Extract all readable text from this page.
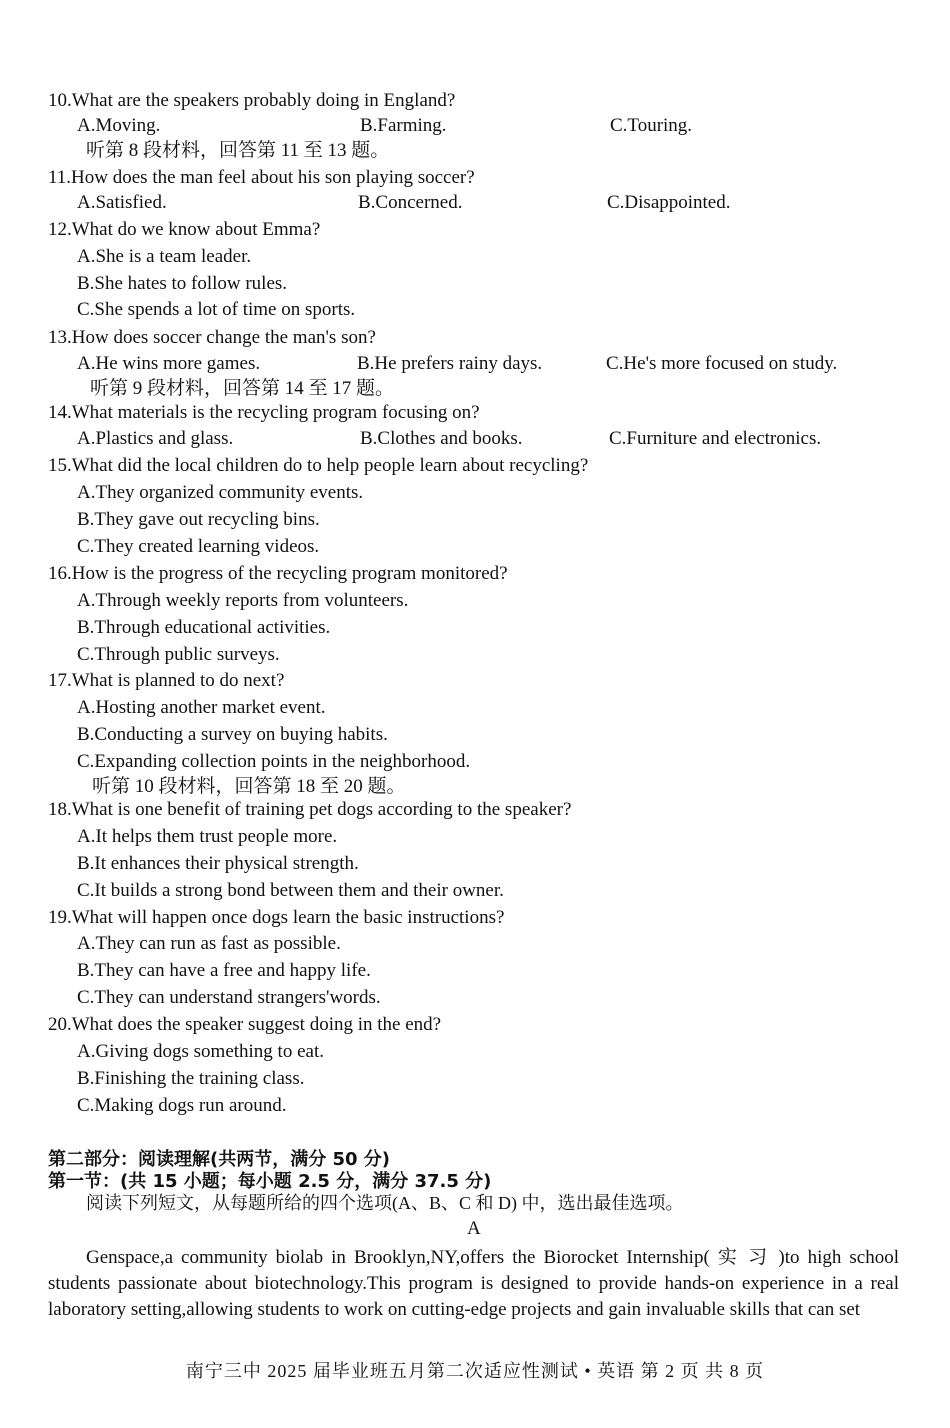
10.What are the speakers probably doing in England?
A.Moving.	B.Farming.	C.Touring.
听第 8 段材料，回答第 11 至 13 题。
11.How does the man feel about his son playing soccer?
A.Satisfied.	B.Concerned.	C.Disappointed.
12.What do we know about Emma?
A.She is a team leader.
B.She hates to follow rules.
C.She spends a lot of time on sports.
13.How does soccer change the man's son?
A.He wins more games.	B.He prefers rainy days.	C.He's more focused on study.
听第 9 段材料，回答第 14 至 17 题。
14.What materials is the recycling program focusing on?
A.Plastics and glass.	B.Clothes and books.	C.Furniture and electronics.
15.What did the local children do to help people learn about recycling?
A.They organized community events.
B.They gave out recycling bins.
C.They created learning videos.
16.How is the progress of the recycling program monitored?
A.Through weekly reports from volunteers.
B.Through educational activities.
C.Through public surveys.
17.What is planned to do next?
A.Hosting another market event.
B.Conducting a survey on buying habits.
C.Expanding collection points in the neighborhood.
听第 10 段材料，回答第 18 至 20 题。
18.What is one benefit of training pet dogs according to the speaker?
A.It helps them trust people more.
B.It enhances their physical strength.
C.It builds a strong bond between them and their owner.
19.What will happen once dogs learn the basic instructions?
A.They can run as fast as possible.
B.They can have a free and happy life.
C.They can understand strangers'words.
20.What does the speaker suggest doing in the end?
A.Giving dogs something to eat.
B.Finishing the training class.
C.Making dogs run around.
第二部分：阅读理解(共两节，满分 50 分)
第一节：(共 15 小题；每小题 2.5 分，满分 37.5 分)
阅读下列短文，从每题所给的四个选项(A、B、C 和 D) 中，选出最佳选项。
A
Genspace,a community biolab in Brooklyn,NY,offers the Biorocket Internship( 实 习 )to high school students passionate about biotechnology.This program is designed to provide hands-on experience in a real laboratory setting,allowing students to work on cutting-edge projects and gain invaluable skills that can set
南宁三中 2025 届毕业班五月第二次适应性测试 • 英语 第 2 页 共 8 页
